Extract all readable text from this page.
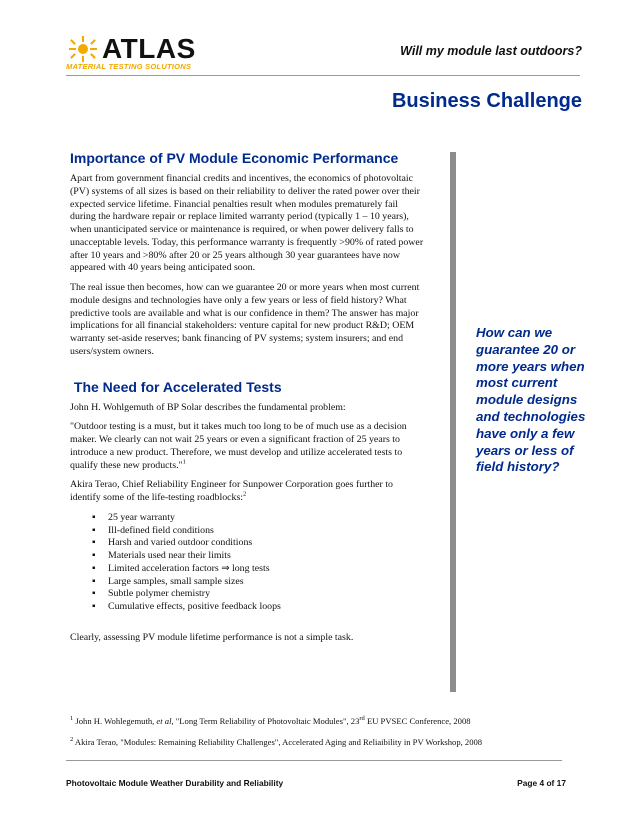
ATLAS
MATERIAL TESTING SOLUTIONS
Will my module last outdoors?
Business Challenge
Importance of PV Module Economic Performance

Apart from government financial credits and incentives, the economics of photovoltaic (PV) systems of all sizes is based on their reliability to deliver the rated power over their expected service lifetime. Financial penalties result when modules prematurely fail during the hardware repair or replace limited warranty period (typically 1 – 10 years), when unanticipated service or maintenance is required, or when power delivery falls to unacceptable levels. Today, this performance warranty is frequently >90% of rated power after 10 years and >80% after 20 or 25 years although 30 year guarantees have now appeared with 40 years being anticipated soon.

The real issue then becomes, how can we guarantee 20 or more years when most current module designs and technologies have only a few years or less of field history? What predictive tools are available and what is our confidence in them? The answer has major implications for all financial stakeholders: venture capital for new product R&D; OEM warranty set-aside reserves; bank financing of PV systems; system insurers; and end users/system owners.

The Need for Accelerated Tests

John H. Wohlgemuth of BP Solar describes the fundamental problem:

"Outdoor testing is a must, but it takes much too long to be of much use as a decision maker. We clearly can not wait 25 years or even a significant fraction of 25 years to introduce a new product. Therefore, we must develop and utilize accelerated tests to qualify these new products."$^1$

Akira Terao, Chief Reliability Engineer for Sunpower Corporation goes further to identify some of the life-testing roadblocks:$^2$

▪ 25 year warranty
▪ Ill-defined field conditions
▪ Harsh and varied outdoor conditions
▪ Materials used near their limits
▪ Limited acceleration factors ⇒ long tests
▪ Large samples, small sample sizes
▪ Subtle polymer chemistry
▪ Cumulative effects, positive feedback loops

Clearly, assessing PV module lifetime performance is not a simple task.

How can we guarantee 20 or more years when most current module designs and technologies have only a few years or less of field history?
$^1$ John H. Wohlegemuth, et al, "Long Term Reliability of Photovoltaic Modules", 23rd EU PVSEC Conference, 2008
$^2$ Akira Terao, "Modules: Remaining Reliability Challenges", Accelerated Aging and Reliaibility in PV Workshop, 2008
Photovoltaic Module Weather Durability and Reliability	Page 4 of 17
